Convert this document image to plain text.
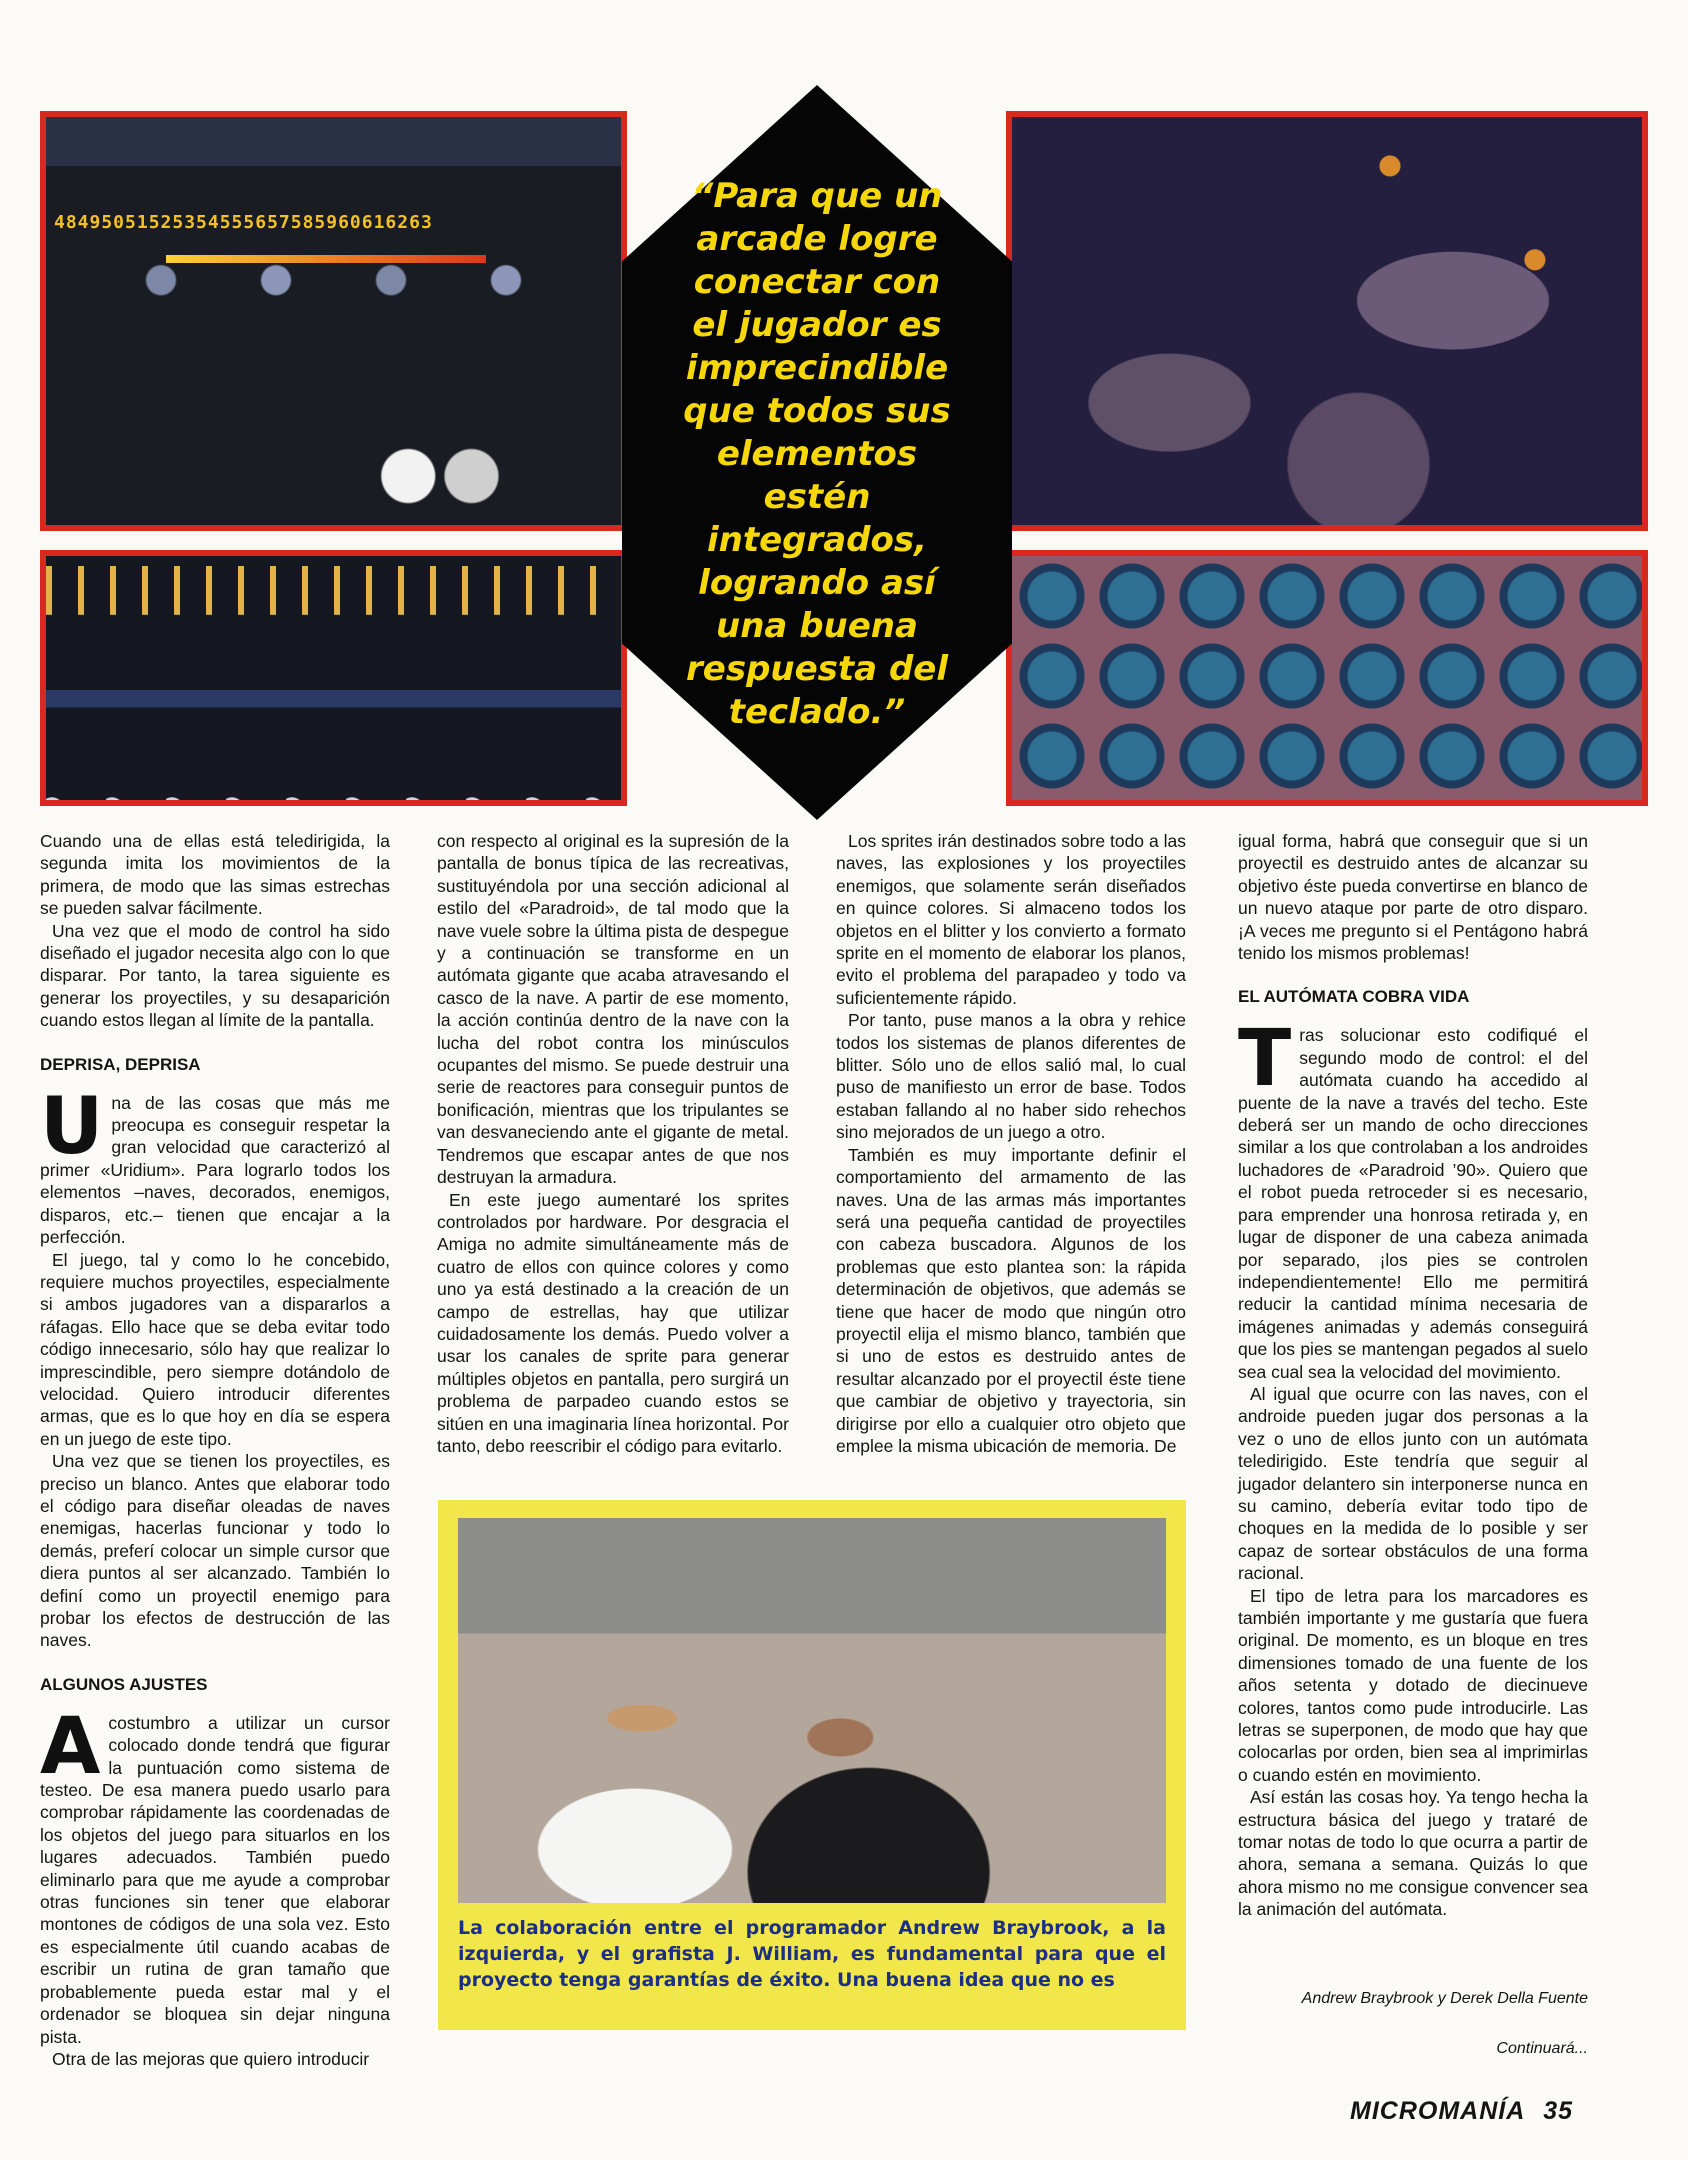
4849505152535455565758596061626​3
“Para que un arcade logre conectar con el jugador es imprecindible que todos sus elementos estén integrados, logrando así una buena respuesta del teclado.”

Cuando una de ellas está teledirigida, la segunda imita los movimientos de la primera, de modo que las simas estrechas se pueden salvar fácilmente.

Una vez que el modo de control ha sido diseñado el jugador necesita algo con lo que disparar. Por tanto, la tarea siguiente es generar los proyectiles, y su desaparición cuando estos llegan al límite de la pantalla.

DEPRISA, DEPRISA

Una de las cosas que más me preocupa es conseguir respetar la gran velocidad que caracterizó al primer «Uridium». Para lograrlo todos los elementos –naves, decorados, enemigos, disparos, etc.– tienen que encajar a la perfección.

El juego, tal y como lo he concebido, requiere muchos proyectiles, especialmente si ambos jugadores van a dispararlos a ráfagas. Ello hace que se deba evitar todo código innecesario, sólo hay que realizar lo imprescindible, pero siempre dotándolo de velocidad. Quiero introducir diferentes armas, que es lo que hoy en día se espera en un juego de este tipo.

Una vez que se tienen los proyectiles, es preciso un blanco. Antes que elaborar todo el código para diseñar oleadas de naves enemigas, hacerlas funcionar y todo lo demás, preferí colocar un simple cursor que diera puntos al ser alcanzado. También lo definí como un proyectil enemigo para probar los efectos de destrucción de las naves.

ALGUNOS AJUSTES

Acostumbro a utilizar un cursor colocado donde tendrá que figurar la puntuación como sistema de testeo. De esa manera puedo usarlo para comprobar rápidamente las coordenadas de los objetos del juego para situarlos en los lugares adecuados. También puedo eliminarlo para que me ayude a comprobar otras funciones sin tener que elaborar montones de códigos de una sola vez. Esto es especialmente útil cuando acabas de escribir un rutina de gran tamaño que probablemente pueda estar mal y el ordenador se bloquea sin dejar ninguna pista.

Otra de las mejoras que quiero introducir

con respecto al original es la supresión de la pantalla de bonus típica de las recreativas, sustituyéndola por una sección adicional al estilo del «Paradroid», de tal modo que la nave vuele sobre la última pista de despegue y a continuación se transforme en un autómata gigante que acaba atravesando el casco de la nave. A partir de ese momento, la acción continúa dentro de la nave con la lucha del robot contra los minúsculos ocupantes del mismo. Se puede destruir una serie de reactores para conseguir puntos de bonificación, mientras que los tripulantes se van desvaneciendo ante el gigante de metal. Tendremos que escapar antes de que nos destruyan la armadura.

En este juego aumentaré los sprites controlados por hardware. Por desgracia el Amiga no admite simultáneamente más de cuatro de ellos con quince colores y como uno ya está destinado a la creación de un campo de estrellas, hay que utilizar cuidadosamente los demás. Puedo volver a usar los canales de sprite para generar múltiples objetos en pantalla, pero surgirá un problema de parpadeo cuando estos se sitúen en una imaginaria línea horizontal. Por tanto, debo reescribir el código para evitarlo.

Los sprites irán destinados sobre todo a las naves, las explosiones y los proyectiles enemigos, que solamente serán diseñados en quince colores. Si almaceno todos los objetos en el blitter y los convierto a formato sprite en el momento de elaborar los planos, evito el problema del parapadeo y todo va suficientemente rápido.

Por tanto, puse manos a la obra y rehice todos los sistemas de planos diferentes de blitter. Sólo uno de ellos salió mal, lo cual puso de manifiesto un error de base. Todos estaban fallando al no haber sido rehechos sino mejorados de un juego a otro.

También es muy importante definir el comportamiento del armamento de las naves. Una de las armas más importantes será una pequeña cantidad de proyectiles con cabeza buscadora. Algunos de los problemas que esto plantea son: la rápida determinación de objetivos, que además se tiene que hacer de modo que ningún otro proyectil elija el mismo blanco, también que si uno de estos es destruido antes de resultar alcanzado por el proyectil éste tiene que cambiar de objetivo y trayectoria, sin dirigirse por ello a cualquier otro objeto que emplee la misma ubicación de memoria. De

igual forma, habrá que conseguir que si un proyectil es destruido antes de alcanzar su objetivo éste pueda convertirse en blanco de un nuevo ataque por parte de otro disparo. ¡A veces me pregunto si el Pentágono habrá tenido los mismos problemas!

EL AUTÓMATA COBRA VIDA

Tras solucionar esto codifiqué el segundo modo de control: el del autómata cuando ha accedido al puente de la nave a través del techo. Este deberá ser un mando de ocho direcciones similar a los que controlaban a los androides luchadores de «Paradroid ’90». Quiero que el robot pueda retroceder si es necesario, para emprender una honrosa retirada y, en lugar de disponer de una cabeza animada por separado, ¡los pies se controlen independientemente! Ello me permitirá reducir la cantidad mínima necesaria de imágenes animadas y además conseguirá que los pies se mantengan pegados al suelo sea cual sea la velocidad del movimiento.

Al igual que ocurre con las naves, con el androide pueden jugar dos personas a la vez o uno de ellos junto con un autómata teledirigido. Este tendría que seguir al jugador delantero sin interponerse nunca en su camino, debería evitar todo tipo de choques en la medida de lo posible y ser capaz de sortear obstáculos de una forma racional.

El tipo de letra para los marcadores es también importante y me gustaría que fuera original. De momento, es un bloque en tres dimensiones tomado de una fuente de los años setenta y dotado de diecinueve colores, tantos como pude introducirle. Las letras se superponen, de modo que hay que colocarlas por orden, bien sea al imprimirlas o cuando estén en movimiento.

Así están las cosas hoy. Ya tengo hecha la estructura básica del juego y trataré de tomar notas de todo lo que ocurra a partir de ahora, semana a semana. Quizás lo que ahora mismo no me consigue convencer sea la animación del autómata.

Andrew Braybrook y Derek Della Fuente
Continuará...
La colaboración entre el programador Andrew Braybrook, a la izquierda, y el grafista J. William, es fundamental para que el proyecto tenga garantías de éxito. Una buena idea que no es
MICROMANÍA 35
